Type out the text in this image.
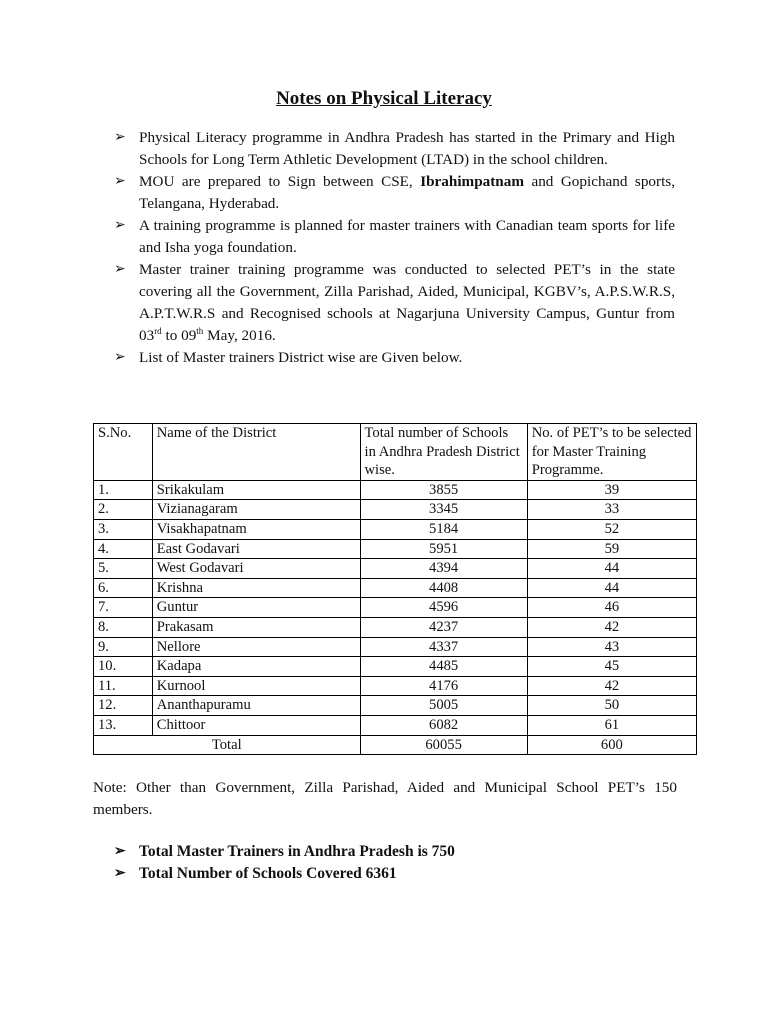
Notes on Physical Literacy
➢ Physical Literacy programme in Andhra Pradesh has started in the Primary and High Schools for Long Term Athletic Development (LTAD) in the school children.
➢ MOU are prepared to Sign between CSE, Ibrahimpatnam and Gopichand sports, Telangana, Hyderabad.
➢ A training programme is planned for master trainers with Canadian team sports for life and Isha yoga foundation.
➢ Master trainer training programme was conducted to selected PET’s in the state covering all the Government, Zilla Parishad, Aided, Municipal, KGBV’s, A.P.S.W.R.S, A.P.T.W.R.S and Recognised schools at Nagarjuna University Campus, Guntur from 03rd to 09th May, 2016.
➢ List of Master trainers District wise are Given below.
S.No.	Name of the District	Total number of Schools in Andhra Pradesh District wise.	No. of PET’s to be selected for Master Training Programme.
1.	Srikakulam	3855	39
2.	Vizianagaram	3345	33
3.	Visakhapatnam	5184	52
4.	East Godavari	5951	59
5.	West Godavari	4394	44
6.	Krishna	4408	44
7.	Guntur	4596	46
8.	Prakasam	4237	42
9.	Nellore	4337	43
10.	Kadapa	4485	45
11.	Kurnool	4176	42
12.	Ananthapuramu	5005	50
13.	Chittoor	6082	61
Total		60055	600
Note: Other than Government, Zilla Parishad, Aided and Municipal School PET’s 150 members.
➢ Total Master Trainers in Andhra Pradesh is 750
➢ Total Number of Schools Covered 6361
